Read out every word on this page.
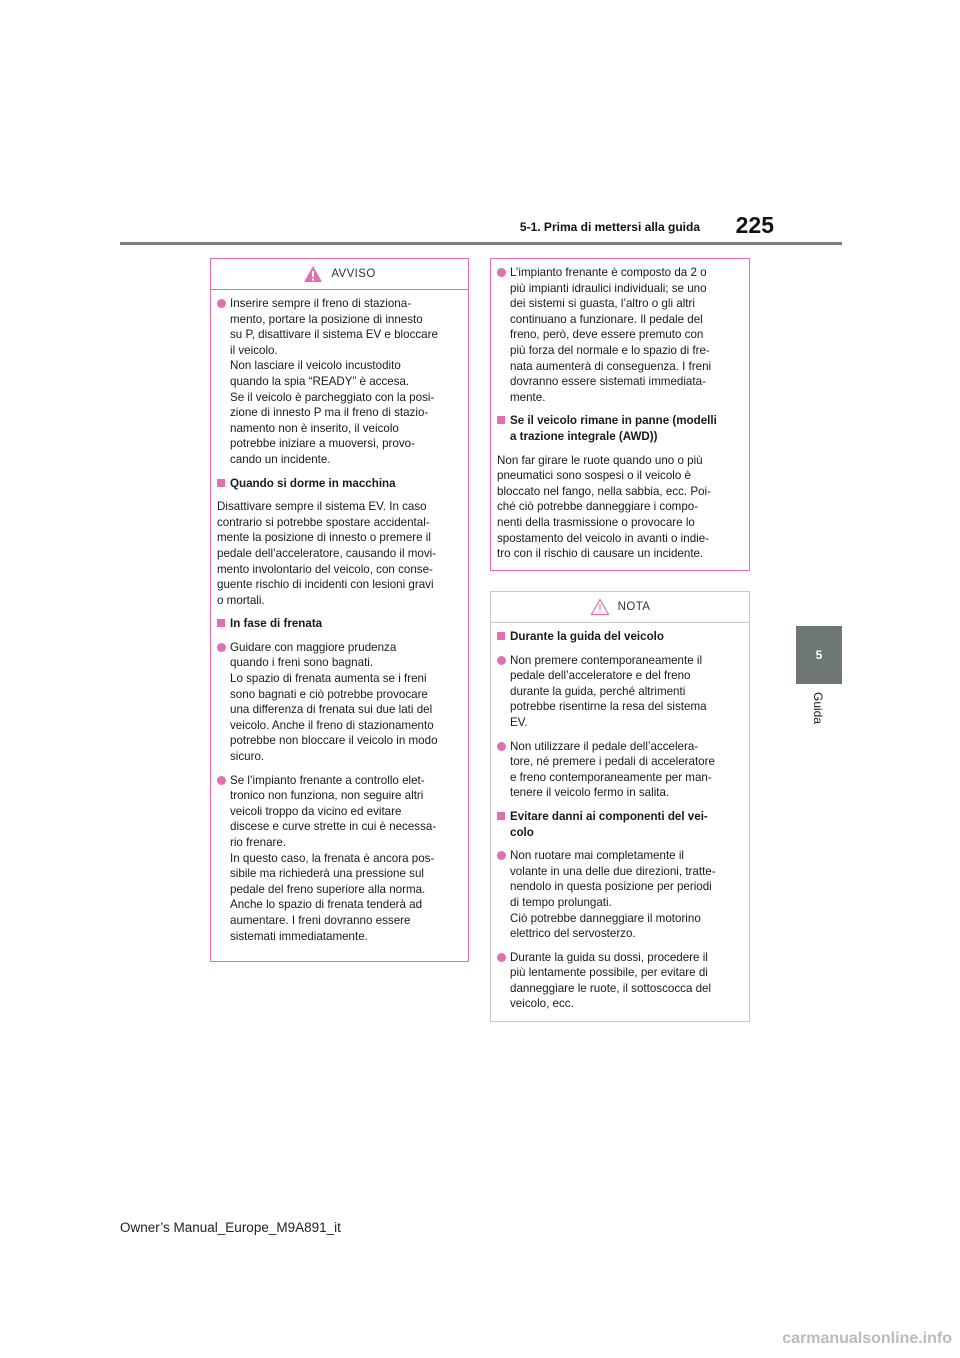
225
5-1. Prima di mettersi alla guida
5
Guida
AVVISO
Inserire sempre il freno di staziona-
mento, portare la posizione di innesto
su P, disattivare il sistema EV e bloccare
il veicolo.
Non lasciare il veicolo incustodito
quando la spia “READY” è accesa.
Se il veicolo è parcheggiato con la posi-
zione di innesto P ma il freno di stazio-
namento non è inserito, il veicolo
potrebbe iniziare a muoversi, provo-
cando un incidente.
Quando si dorme in macchina
Disattivare sempre il sistema EV. In caso
contrario si potrebbe spostare accidental-
mente la posizione di innesto o premere il
pedale dell’acceleratore, causando il movi-
mento involontario del veicolo, con conse-
guente rischio di incidenti con lesioni gravi
o mortali.
In fase di frenata
Guidare con maggiore prudenza
quando i freni sono bagnati.
Lo spazio di frenata aumenta se i freni
sono bagnati e ciò potrebbe provocare
una differenza di frenata sui due lati del
veicolo. Anche il freno di stazionamento
potrebbe non bloccare il veicolo in modo
sicuro.
Se l’impianto frenante a controllo elet-
tronico non funziona, non seguire altri
veicoli troppo da vicino ed evitare
discese e curve strette in cui è necessa-
rio frenare.
In questo caso, la frenata è ancora pos-
sibile ma richiederà una pressione sul
pedale del freno superiore alla norma.
Anche lo spazio di frenata tenderà ad
aumentare. I freni dovranno essere
sistemati immediatamente.
L’impianto frenante è composto da 2 o
più impianti idraulici individuali; se uno
dei sistemi si guasta, l’altro o gli altri
continuano a funzionare. Il pedale del
freno, però, deve essere premuto con
più forza del normale e lo spazio di fre-
nata aumenterà di conseguenza. I freni
dovranno essere sistemati immediata-
mente.
Se il veicolo rimane in panne (modelli
a trazione integrale (AWD))
Non far girare le ruote quando uno o più
pneumatici sono sospesi o il veicolo è
bloccato nel fango, nella sabbia, ecc. Poi-
ché ciò potrebbe danneggiare i compo-
nenti della trasmissione o provocare lo
spostamento del veicolo in avanti o indie-
tro con il rischio di causare un incidente.
NOTA
Durante la guida del veicolo
Non premere contemporaneamente il
pedale dell’acceleratore e del freno
durante la guida, perché altrimenti
potrebbe risentirne la resa del sistema
EV.
Non utilizzare il pedale dell’accelera-
tore, né premere i pedali di acceleratore
e freno contemporaneamente per man-
tenere il veicolo fermo in salita.
Evitare danni ai componenti del vei-
colo
Non ruotare mai completamente il
volante in una delle due direzioni, tratte-
nendolo in questa posizione per periodi
di tempo prolungati.
Ciò potrebbe danneggiare il motorino
elettrico del servosterzo.
Durante la guida su dossi, procedere il
più lentamente possibile, per evitare di
danneggiare le ruote, il sottoscocca del
veicolo, ecc.
Owner’s Manual_Europe_M9A891_it
carmanualsonline.info
